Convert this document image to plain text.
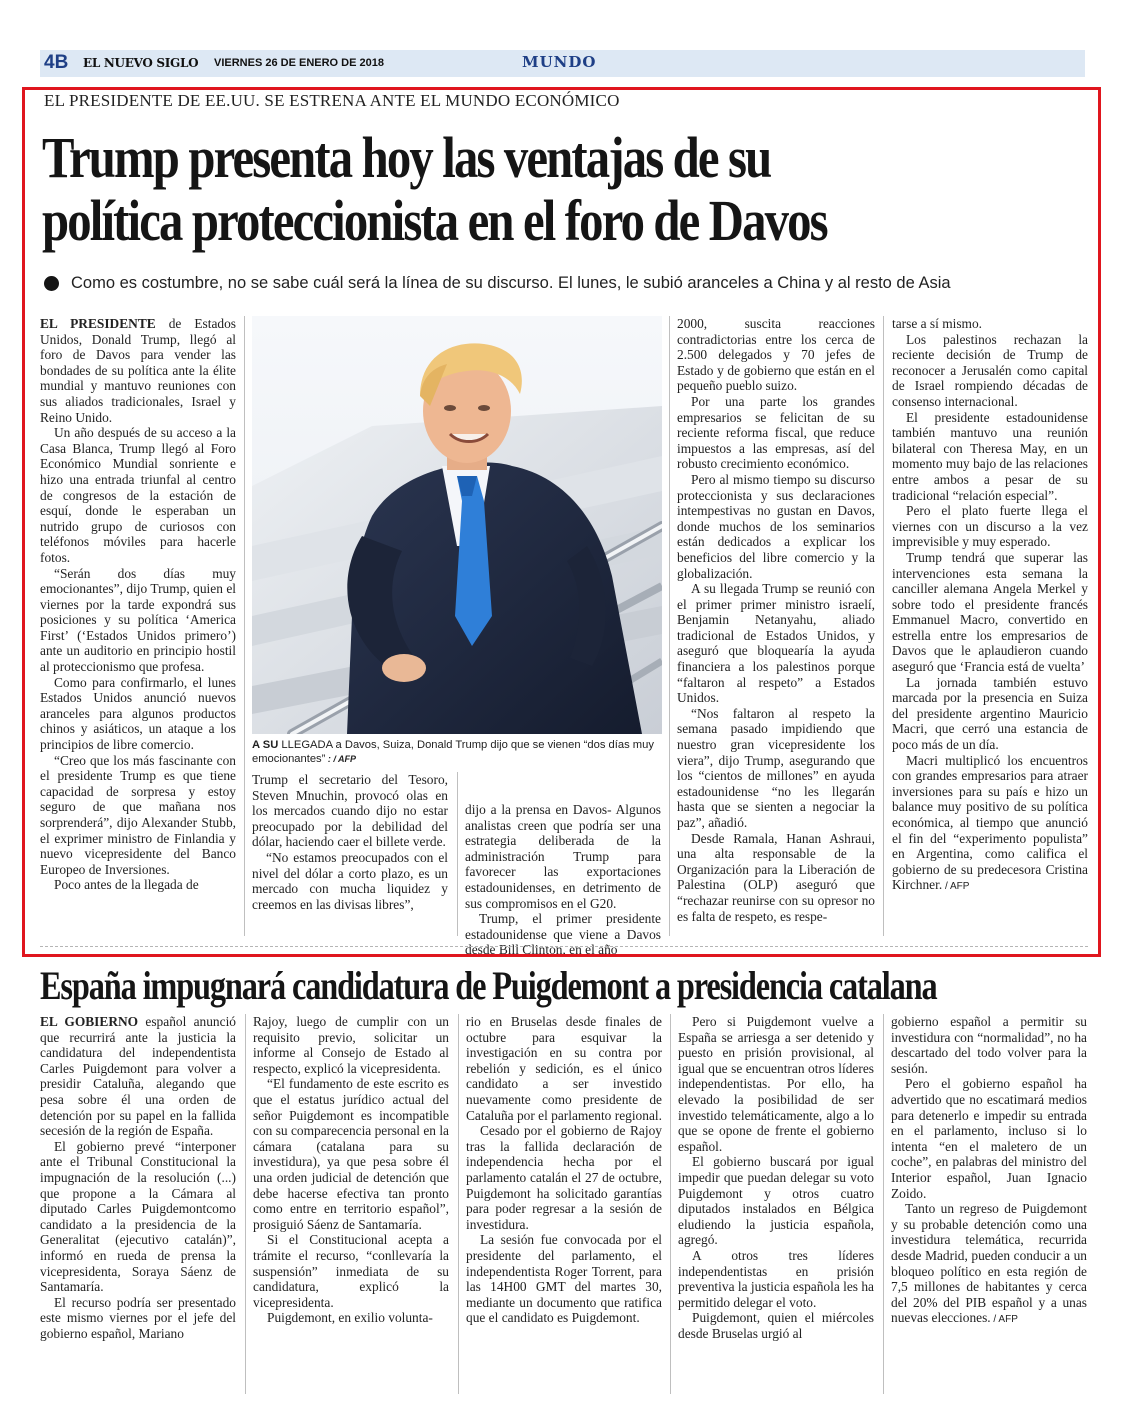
4B EL NUEVO SIGLO VIERNES 26 DE ENERO DE 2018	MUNDO
EL PRESIDENTE DE EE.UU. SE ESTRENA ANTE EL MUNDO ECONÓMICO
Trump presenta hoy las ventajas de su
política proteccionista en el foro de Davos
Como es costumbre, no se sabe cuál será la línea de su discurso. El lunes, le subió aranceles a China y al resto de Asia

EL PRESIDENTE de Estados Unidos, Donald Trump, llegó al foro de Davos para vender las bondades de su política ante la élite mundial y mantuvo reuniones con sus aliados tradicionales, Israel y Reino Unido.

Un año después de su acceso a la Casa Blanca, Trump llegó al Foro Económico Mundial sonriente e hizo una entrada triunfal al centro de congresos de la estación de esquí, donde le esperaban un nutrido grupo de curiosos con teléfonos móviles para hacerle fotos.

“Serán dos días muy emocionantes”, dijo Trump, quien el viernes por la tarde expondrá sus posiciones y su política ‘America First’ (‘Estados Unidos primero’) ante un auditorio en principio hostil al proteccionismo que profesa.

Como para confirmarlo, el lunes Estados Unidos anunció nuevos aranceles para algunos productos chinos y asiáticos, un ataque a los principios de libre comercio.

“Creo que los más fascinante con el presidente Trump es que tiene capacidad de sorpresa y estoy seguro de que mañana nos sorprenderá”, dijo Alexander Stubb, el exprimer ministro de Finlandia y nuevo vicepresidente del Banco Europeo de Inversiones.

Poco antes de la llegada de

A SU LLEGADA a Davos, Suiza, Donald Trump dijo que se vienen “dos días muy emocionantes” : / AFP

Trump el secretario del Tesoro, Steven Mnuchin, provocó olas en los mercados cuando dijo no estar preocupado por la debilidad del dólar, haciendo caer el billete verde.

“No estamos preocupados con el nivel del dólar a corto plazo, es un mercado con mucha liquidez y creemos en las divisas libres”,

dijo a la prensa en Davos- Algunos analistas creen que podría ser una estrategia deliberada de la administración Trump para favorecer las exportaciones estadounidenses, en detrimento de sus compromisos en el G20.

Trump, el primer presidente estadounidense que viene a Davos desde Bill Clinton, en el año

2000, suscita reacciones contradictorias entre los cerca de 2.500 delegados y 70 jefes de Estado y de gobierno que están en el pequeño pueblo suizo.

Por una parte los grandes empresarios se felicitan de su reciente reforma fiscal, que reduce impuestos a las empresas, así del robusto crecimiento económico.

Pero al mismo tiempo su discurso proteccionista y sus declaraciones intempestivas no gustan en Davos, donde muchos de los seminarios están dedicados a explicar los beneficios del libre comercio y la globalización.

A su llegada Trump se reunió con el primer primer ministro israelí, Benjamin Netanyahu, aliado tradicional de Estados Unidos, y aseguró que bloquearía la ayuda financiera a los palestinos porque “faltaron al respeto” a Estados Unidos.

“Nos faltaron al respeto la semana pasado impidiendo que nuestro gran vicepresidente los viera”, dijo Trump, asegurando que los “cientos de millones” en ayuda estadounidense “no les llegarán hasta que se sienten a negociar la paz”, añadió.

Desde Ramala, Hanan Ashraui, una alta responsable de la Organización para la Liberación de Palestina (OLP) aseguró que “rechazar reunirse con su opresor no es falta de respeto, es respe-

tarse a sí mismo.

Los palestinos rechazan la reciente decisión de Trump de reconocer a Jerusalén como capital de Israel rompiendo décadas de consenso internacional.

El presidente estadounidense también mantuvo una reunión bilateral con Theresa May, en un momento muy bajo de las relaciones entre ambos a pesar de su tradicional “relación especial”.

Pero el plato fuerte llega el viernes con un discurso a la vez imprevisible y muy esperado.

Trump tendrá que superar las intervenciones esta semana la canciller alemana Angela Merkel y sobre todo el presidente francés Emmanuel Macro, convertido en estrella entre los empresarios de Davos que le aplaudieron cuando aseguró que ‘Francia está de vuelta’

La jornada también estuvo marcada por la presencia en Suiza del presidente argentino Mauricio Macri, que cerró una estancia de poco más de un día.

Macri multiplicó los encuentros con grandes empresarios para atraer inversiones para su país e hizo un balance muy positivo de su política económica, al tiempo que anunció el fin del “experimento populista” en Argentina, como califica el gobierno de su predecesora Cristina Kirchner. / AFP

España impugnará candidatura de Puigdemont a presidencia catalana

EL GOBIERNO español anunció que recurrirá ante la justicia la candidatura del independentista Carles Puigdemont para volver a presidir Cataluña, alegando que pesa sobre él una orden de detención por su papel en la fallida secesión de la región de España.

El gobierno prevé “interponer ante el Tribunal Constitucional la impugnación de la resolución (...) que propone a la Cámara al diputado Carles Puigdemontcomo candidato a la presidencia de la Generalitat (ejecutivo catalán)”, informó en rueda de prensa la vicepresidenta, Soraya Sáenz de Santamaría.

El recurso podría ser presentado este mismo viernes por el jefe del gobierno español, Mariano

Rajoy, luego de cumplir con un requisito previo, solicitar un informe al Consejo de Estado al respecto, explicó la vicepresidenta.

“El fundamento de este escrito es que el estatus jurídico actual del señor Puigdemont es incompatible con su comparecencia personal en la cámara (catalana para su investidura), ya que pesa sobre él una orden judicial de detención que debe hacerse efectiva tan pronto como entre en territorio español”, prosiguió Sáenz de Santamaría.

Si el Constitucional acepta a trámite el recurso, “conllevaría la suspensión” inmediata de su candidatura, explicó la vicepresidenta.

Puigdemont, en exilio volunta-

rio en Bruselas desde finales de octubre para esquivar la investigación en su contra por rebelión y sedición, es el único candidato a ser investido nuevamente como presidente de Cataluña por el parlamento regional.

Cesado por el gobierno de Rajoy tras la fallida declaración de independencia hecha por el parlamento catalán el 27 de octubre, Puigdemont ha solicitado garantías para poder regresar a la sesión de investidura.

La sesión fue convocada por el presidente del parlamento, el independentista Roger Torrent, para las 14H00 GMT del martes 30, mediante un documento que ratifica que el candidato es Puigdemont.

Pero si Puigdemont vuelve a España se arriesga a ser detenido y puesto en prisión provisional, al igual que se encuentran otros líderes independentistas. Por ello, ha elevado la posibilidad de ser investido telemáticamente, algo a lo que se opone de frente el gobierno español.

El gobierno buscará por igual impedir que puedan delegar su voto Puigdemont y otros cuatro diputados instalados en Bélgica eludiendo la justicia española, agregó.

A otros tres líderes independentistas en prisión preventiva la justicia española les ha permitido delegar el voto.

Puigdemont, quien el miércoles desde Bruselas urgió al

gobierno español a permitir su investidura con “normalidad”, no ha descartado del todo volver para la sesión.

Pero el gobierno español ha advertido que no escatimará medios para detenerlo e impedir su entrada en el parlamento, incluso si lo intenta “en el maletero de un coche”, en palabras del ministro del Interior español, Juan Ignacio Zoido.

Tanto un regreso de Puigdemont y su probable detención como una investidura telemática, recurrida desde Madrid, pueden conducir a un bloqueo político en esta región de 7,5 millones de habitantes y cerca del 20% del PIB español y a unas nuevas elecciones. / AFP
